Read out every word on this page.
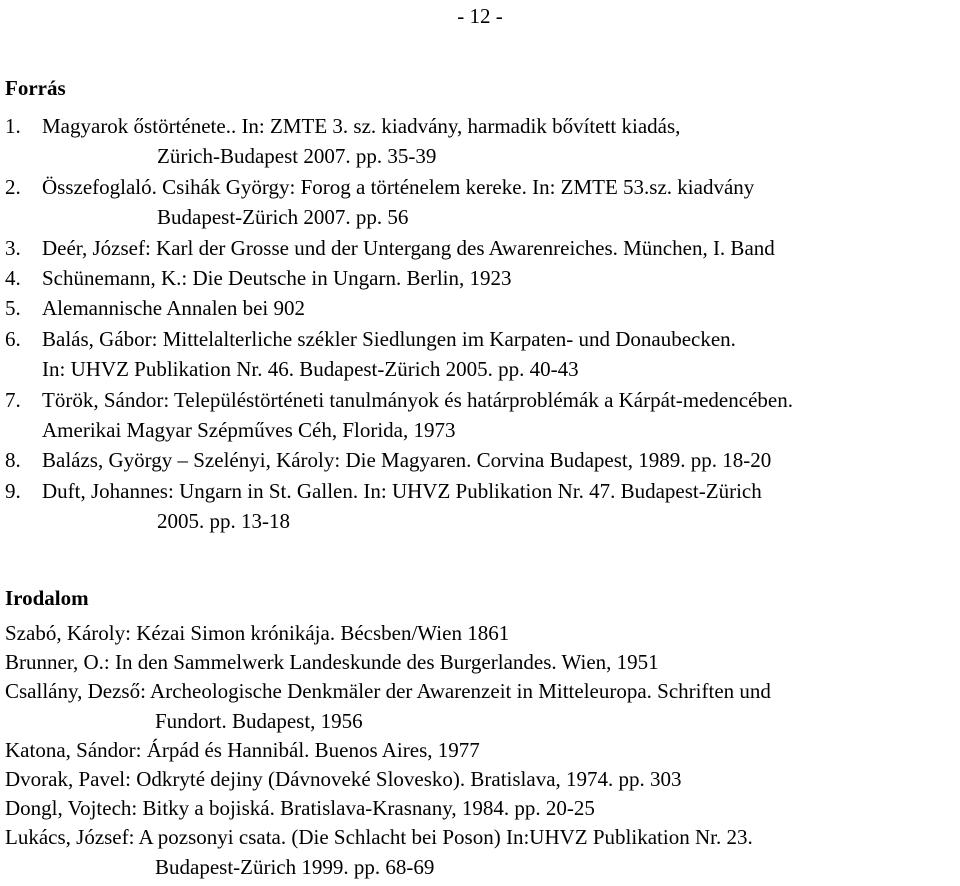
- 12 -
Forrás
1. Magyarok őstörténete.. In: ZMTE 3. sz. kiadvány, harmadik bővített kiadás,
Zürich-Budapest 2007. pp. 35-39
2. Összefoglaló. Csihák György: Forog a történelem kereke. In: ZMTE 53.sz. kiadvány
Budapest-Zürich 2007. pp. 56
3. Deér, József: Karl der Grosse und der Untergang des Awarenreiches. München, I. Band
4. Schünemann, K.: Die Deutsche in Ungarn. Berlin, 1923
5. Alemannische Annalen bei 902
6. Balás, Gábor: Mittelalterliche székler Siedlungen im Karpaten- und Donaubecken.
In: UHVZ Publikation Nr. 46. Budapest-Zürich 2005. pp. 40-43
7. Török, Sándor: Településtörténeti tanulmányok és határproblémák a Kárpát-medencében.
Amerikai Magyar Szépműves Céh, Florida, 1973
8. Balázs, György – Szelényi, Károly: Die Magyaren. Corvina Budapest, 1989. pp. 18-20
9. Duft, Johannes: Ungarn in St. Gallen. In: UHVZ Publikation Nr. 47. Budapest-Zürich
2005. pp. 13-18
Irodalom
Szabó, Károly: Kézai Simon krónikája. Bécsben/Wien 1861
Brunner, O.: In den Sammelwerk Landeskunde des Burgerlandes. Wien, 1951
Csallány, Dezső: Archeologische Denkmäler der Awarenzeit in Mitteleuropa. Schriften und
Fundort. Budapest, 1956
Katona, Sándor: Árpád és Hannibál. Buenos Aires, 1977
Dvorak, Pavel: Odkryté dejiny (Dávnoveké Slovesko). Bratislava, 1974. pp. 303
Dongl, Vojtech: Bitky a bojiská. Bratislava-Krasnany, 1984. pp. 20-25
Lukács, József: A pozsonyi csata. (Die Schlacht bei Poson) In:UHVZ Publikation Nr. 23.
Budapest-Zürich 1999. pp. 68-69
